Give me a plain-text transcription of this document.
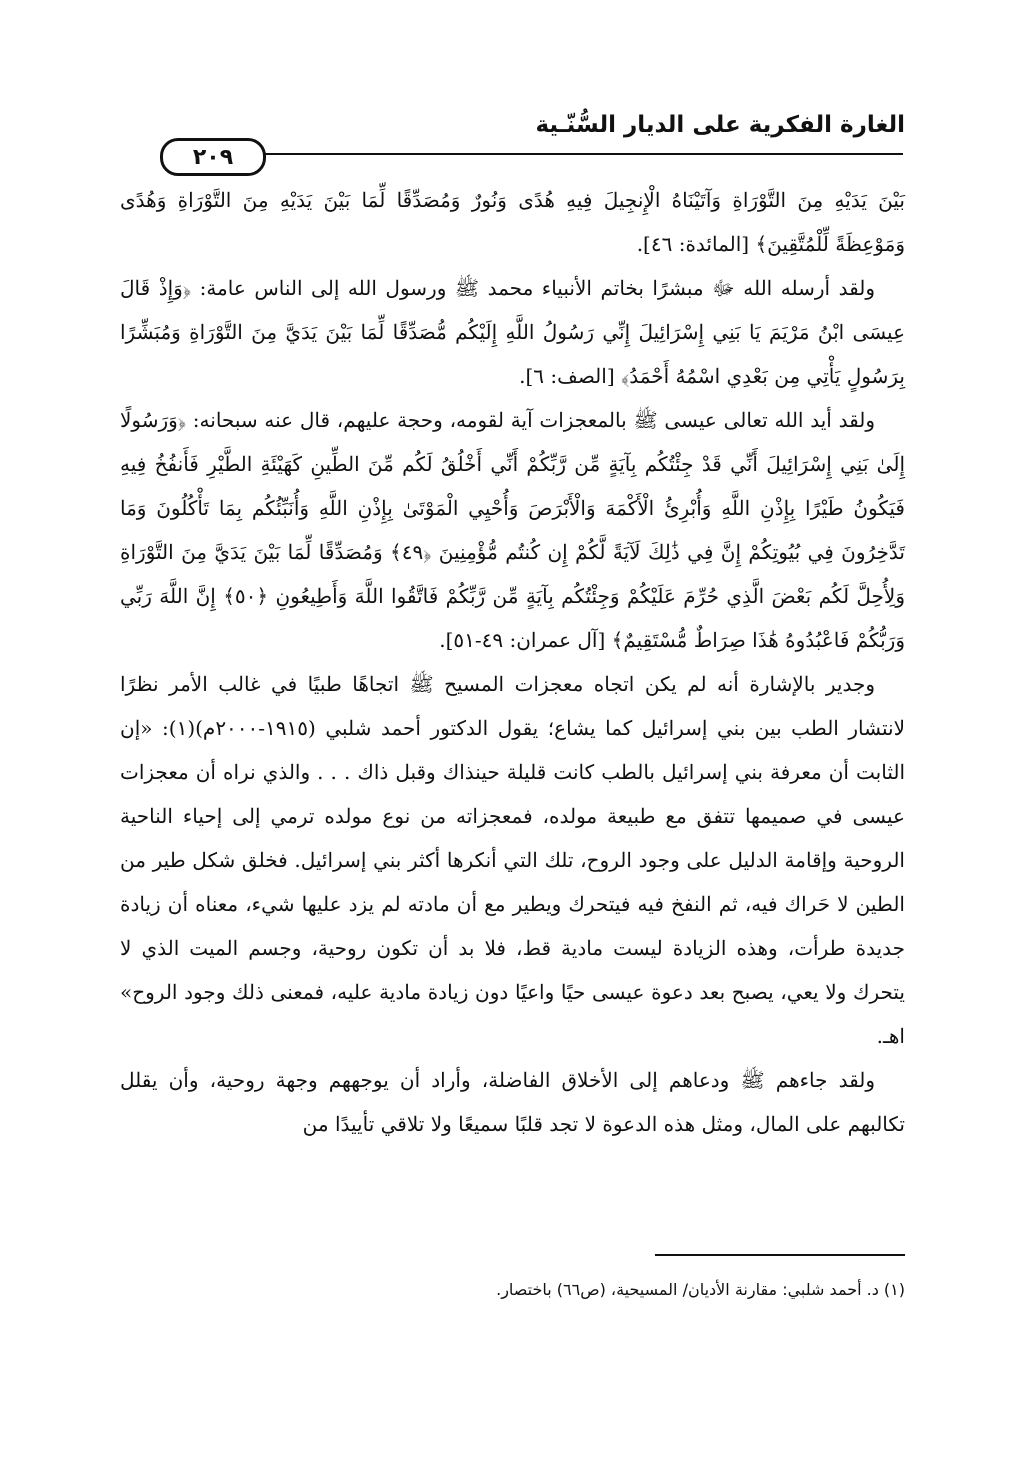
الغارة الفكرية على الديار السُّنّـية
٢٠٩

بَيْنَ يَدَيْهِ مِنَ التَّوْرَاةِ وَآتَيْنَاهُ الْإِنجِيلَ فِيهِ هُدًى وَنُورٌ وَمُصَدِّقًا لِّمَا بَيْنَ يَدَيْهِ مِنَ التَّوْرَاةِ وَهُدًى وَمَوْعِظَةً لِّلْمُتَّقِينَ﴾ [المائدة: ٤٦].

ولقد أرسله الله ﷻ مبشرًا بخاتم الأنبياء محمد ﷺ ورسول الله إلى الناس عامة: ﴿وَإِذْ قَالَ عِيسَى ابْنُ مَرْيَمَ يَا بَنِي إِسْرَائِيلَ إِنِّي رَسُولُ اللَّهِ إِلَيْكُم مُّصَدِّقًا لِّمَا بَيْنَ يَدَيَّ مِنَ التَّوْرَاةِ وَمُبَشِّرًا بِرَسُولٍ يَأْتِي مِن بَعْدِي اسْمُهُ أَحْمَدُ﴾ [الصف: ٦].

ولقد أيد الله تعالى عيسى ﷺ بالمعجزات آية لقومه، وحجة عليهم، قال عنه سبحانه: ﴿وَرَسُولًا إِلَىٰ بَنِي إِسْرَائِيلَ أَنِّي قَدْ جِئْتُكُم بِآيَةٍ مِّن رَّبِّكُمْ أَنِّي أَخْلُقُ لَكُم مِّنَ الطِّينِ كَهَيْئَةِ الطَّيْرِ فَأَنفُخُ فِيهِ فَيَكُونُ طَيْرًا بِإِذْنِ اللَّهِ وَأُبْرِئُ الْأَكْمَهَ وَالْأَبْرَصَ وَأُحْيِي الْمَوْتَىٰ بِإِذْنِ اللَّهِ وَأُنَبِّئُكُم بِمَا تَأْكُلُونَ وَمَا تَدَّخِرُونَ فِي بُيُوتِكُمْ إِنَّ فِي ذَٰلِكَ لَآيَةً لَّكُمْ إِن كُنتُم مُّؤْمِنِينَ ﴿٤٩﴾ وَمُصَدِّقًا لِّمَا بَيْنَ يَدَيَّ مِنَ التَّوْرَاةِ وَلِأُحِلَّ لَكُم بَعْضَ الَّذِي حُرِّمَ عَلَيْكُمْ وَجِئْتُكُم بِآيَةٍ مِّن رَّبِّكُمْ فَاتَّقُوا اللَّهَ وَأَطِيعُونِ ﴿٥٠﴾ إِنَّ اللَّهَ رَبِّي وَرَبُّكُمْ فَاعْبُدُوهُ هَٰذَا صِرَاطٌ مُّسْتَقِيمٌ﴾ [آل عمران: ٤٩-٥١].

وجدير بالإشارة أنه لم يكن اتجاه معجزات المسيح ﷺ اتجاهًا طبيًا في غالب الأمر نظرًا لانتشار الطب بين بني إسرائيل كما يشاع؛ يقول الدكتور أحمد شلبي (١٩١٥-٢٠٠٠م)(١): «إن الثابت أن معرفة بني إسرائيل بالطب كانت قليلة حينذاك وقبل ذاك . . . والذي نراه أن معجزات عيسى في صميمها تتفق مع طبيعة مولده، فمعجزاته من نوع مولده ترمي إلى إحياء الناحية الروحية وإقامة الدليل على وجود الروح، تلك التي أنكرها أكثر بني إسرائيل. فخلق شكل طير من الطين لا حَراك فيه، ثم النفخ فيه فيتحرك ويطير مع أن مادته لم يزد عليها شيء، معناه أن زيادة جديدة طرأت، وهذه الزيادة ليست مادية قط، فلا بد أن تكون روحية، وجسم الميت الذي لا يتحرك ولا يعي، يصبح بعد دعوة عيسى حيًا واعيًا دون زيادة مادية عليه، فمعنى ذلك وجود الروح» اهـ.

ولقد جاءهم ﷺ ودعاهم إلى الأخلاق الفاضلة، وأراد أن يوجههم وجهة روحية، وأن يقلل تكالبهم على المال، ومثل هذه الدعوة لا تجد قلبًا سميعًا ولا تلاقي تأييدًا من

(١) د. أحمد شلبي: مقارنة الأديان/ المسيحية، (ص٦٦) باختصار.
